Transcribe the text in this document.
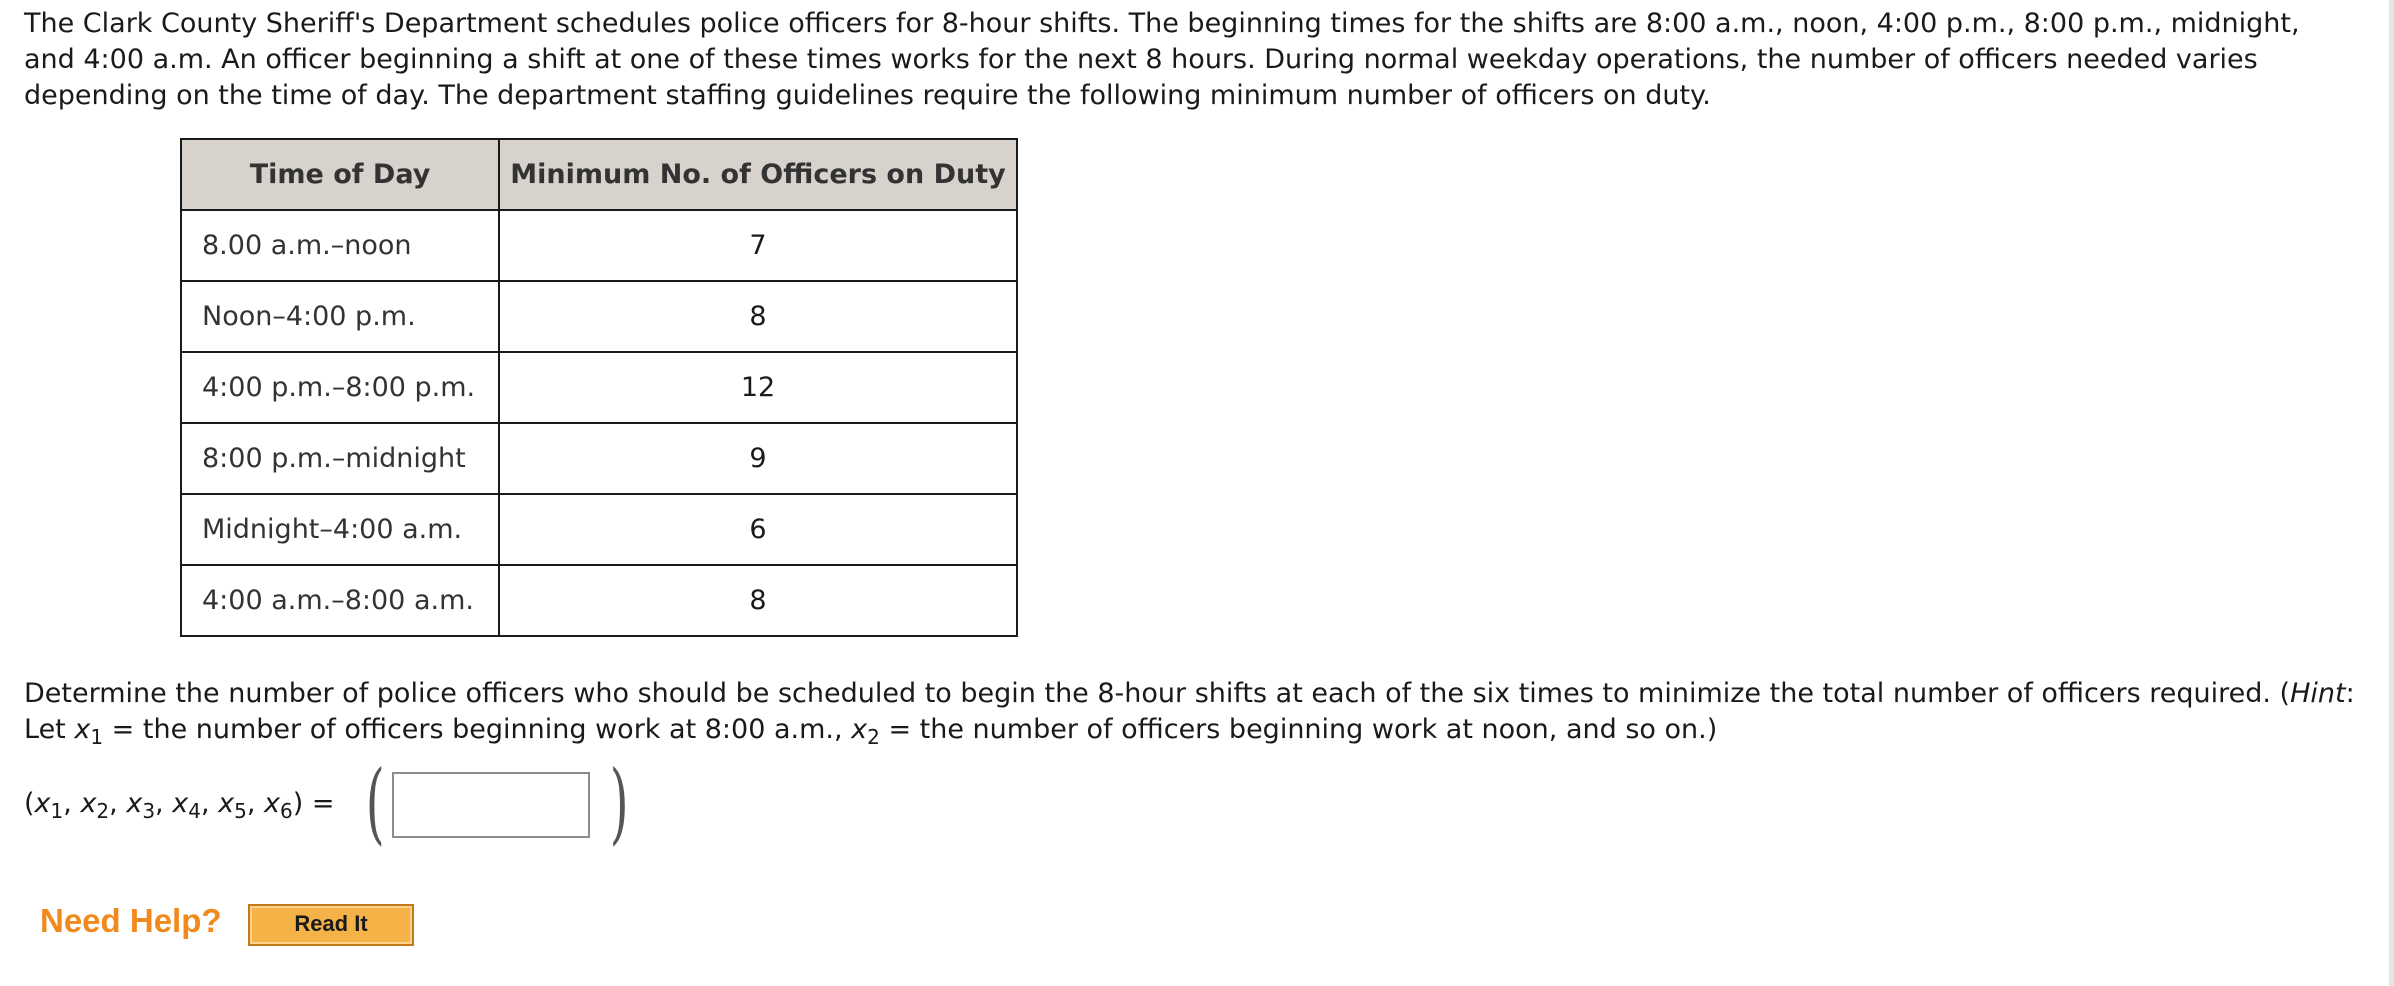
The Clark County Sheriff's Department schedules police officers for 8-hour shifts. The beginning times for the shifts are 8:00 a.m., noon, 4:00 p.m., 8:00 p.m., midnight, and 4:00 a.m. An officer beginning a shift at one of these times works for the next 8 hours. During normal weekday operations, the number of officers needed varies depending on the time of day. The department staffing guidelines require the following minimum number of officers on duty.

Time of Day	Minimum No. of Officers on Duty
8.00 a.m.–noon	7
Noon–4:00 p.m.	8
4:00 p.m.–8:00 p.m.	12
8:00 p.m.–midnight	9
Midnight–4:00 a.m.	6
4:00 a.m.–8:00 a.m.	8

Determine the number of police officers who should be scheduled to begin the 8-hour shifts at each of the six times to minimize the total number of officers required. (Hint: Let $x_1$ = the number of officers beginning work at 8:00 a.m., $x_2$ = the number of officers beginning work at noon, and so on.)

($x_1$, $x_2$, $x_3$, $x_4$, $x_5$, $x_6$) = (	)
Need Help?	Read It
